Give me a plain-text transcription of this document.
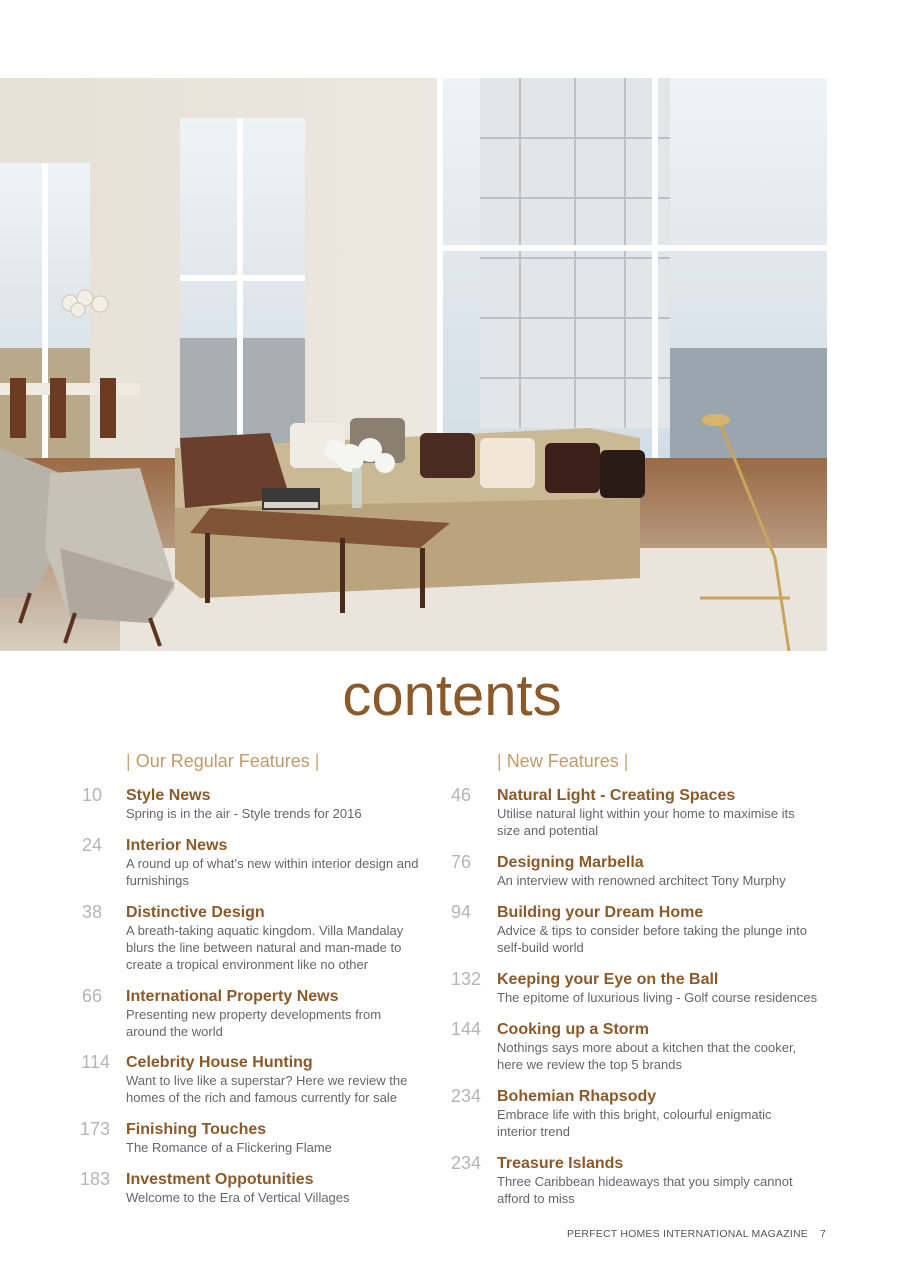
contents
| Our Regular Features |	| New Features |
10 Style News
Spring is in the air - Style trends for 2016
24 Interior News
A round up of what’s new within interior design and furnishings
38 Distinctive Design
A breath-taking aquatic kingdom. Villa Mandalay blurs the line between natural and man-made to create a tropical environment like no other
66 International Property News
Presenting new property developments from around the world
114 Celebrity House Hunting
Want to live like a superstar? Here we review the homes of the rich and famous currently for sale
173 Finishing Touches
The Romance of a Flickering Flame
183 Investment Oppotunities
Welcome to the Era of Vertical Villages
46 Natural Light - Creating Spaces
Utilise natural light within your home to maximise its size and potential
76 Designing Marbella
An interview with renowned architect Tony Murphy
94 Building your Dream Home
Advice & tips to consider before taking the plunge into self-build world
132 Keeping your Eye on the Ball
The epitome of luxurious living - Golf course residences
144 Cooking up a Storm
Nothings says more about a kitchen that the cooker, here we review the top 5 brands
234 Bohemian Rhapsody
Embrace life with this bright, colourful enigmatic interior trend
234 Treasure Islands
Three Caribbean hideaways that you simply cannot afford to miss
PERFECT HOMES INTERNATIONAL MAGAZINE 7
